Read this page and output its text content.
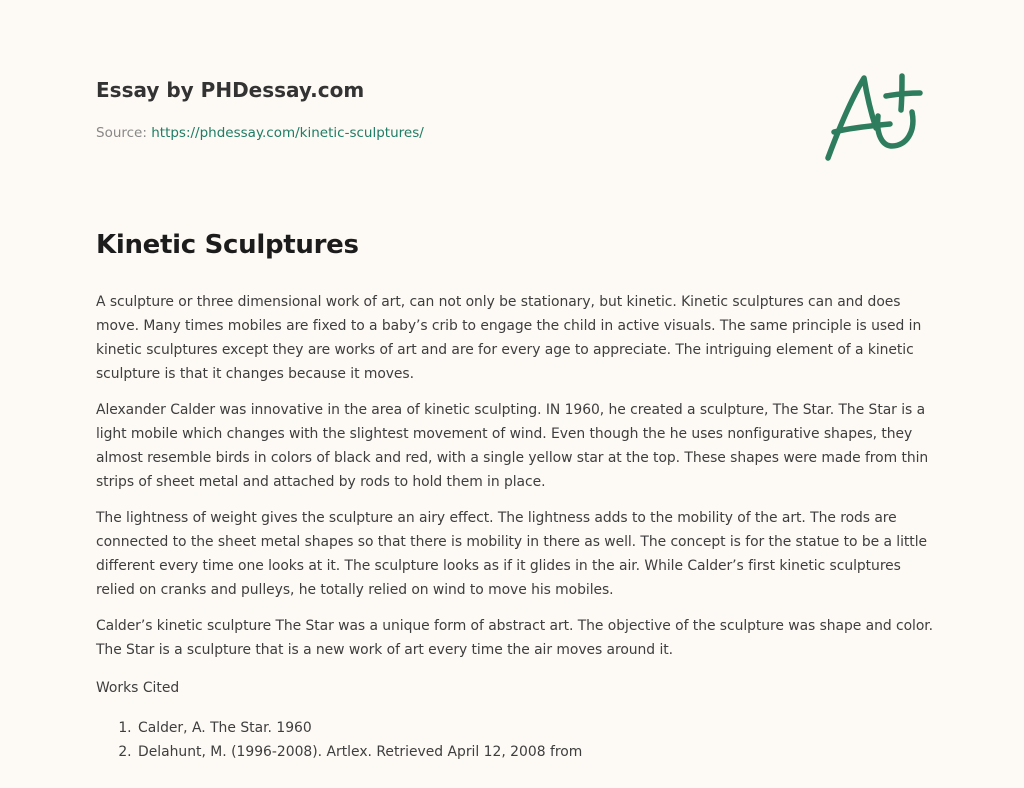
Essay by PHDessay.com
Source: https://phdessay.com/kinetic-sculptures/
Kinetic Sculptures

A sculpture or three dimensional work of art, can not only be stationary, but kinetic. Kinetic sculptures can and does move. Many times mobiles are fixed to a baby’s crib to engage the child in active visuals. The same principle is used in kinetic sculptures except they are works of art and are for every age to appreciate. The intriguing element of a kinetic sculpture is that it changes because it moves.

Alexander Calder was innovative in the area of kinetic sculpting. IN 1960, he created a sculpture, The Star. The Star is a light mobile which changes with the slightest movement of wind. Even though the he uses nonfigurative shapes, they almost resemble birds in colors of black and red, with a single yellow star at the top. These shapes were made from thin strips of sheet metal and attached by rods to hold them in place.

The lightness of weight gives the sculpture an airy effect. The lightness adds to the mobility of the art. The rods are connected to the sheet metal shapes so that there is mobility in there as well. The concept is for the statue to be a little different every time one looks at it. The sculpture looks as if it glides in the air. While Calder’s first kinetic sculptures relied on cranks and pulleys, he totally relied on wind to move his mobiles.

Calder’s kinetic sculpture The Star was a unique form of abstract art. The objective of the sculpture was shape and color. The Star is a sculpture that is a new work of art every time the air moves around it.

Works Cited
1. Calder, A. The Star. 1960
2. Delahunt, M. (1996-2008). Artlex. Retrieved April 12, 2008 from
